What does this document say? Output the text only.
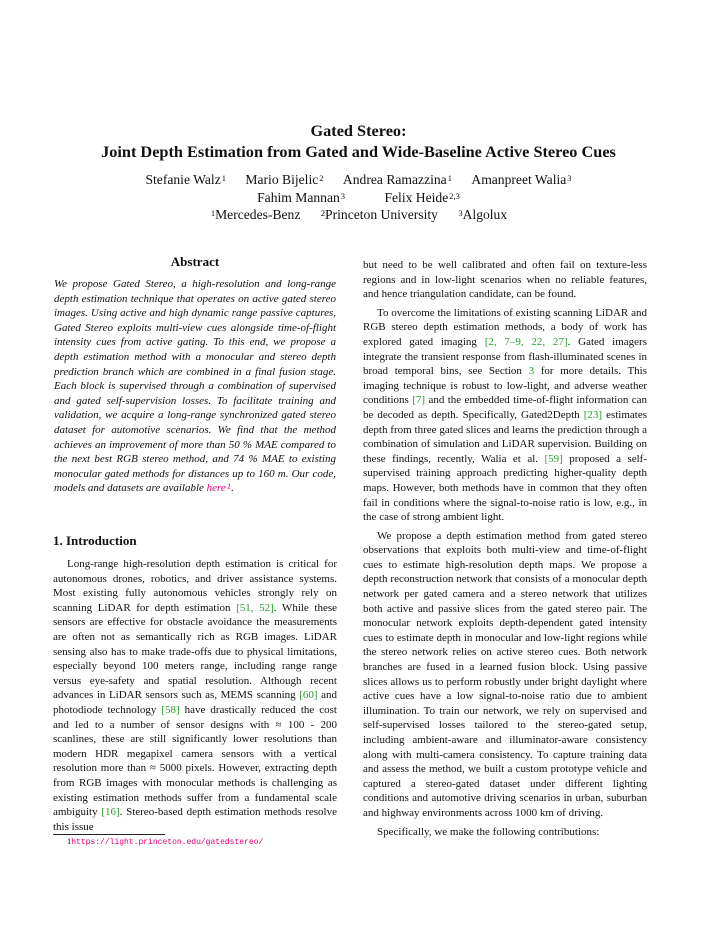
Gated Stereo:
Joint Depth Estimation from Gated and Wide-Baseline Active Stereo Cues
Stefanie Walz$^1$ Mario Bijelic$^2$ Andrea Ramazzina$^1$ Amanpreet Walia$^3$
Fahim Mannan$^3$	Felix Heide$^{2,3}$
$^1$Mercedes-Benz $^2$Princeton University $^3$Algolux
Abstract
We propose Gated Stereo, a high-resolution and long-range depth estimation technique that operates on active gated stereo images. Using active and high dynamic range passive captures, Gated Stereo exploits multi-view cues alongside time-of-flight intensity cues from active gating. To this end, we propose a depth estimation method with a monocular and stereo depth prediction branch which are combined in a final fusion stage. Each block is supervised through a combination of supervised and gated self-supervision losses. To facilitate training and validation, we acquire a long-range synchronized gated stereo dataset for automotive scenarios. We find that the method achieves an improvement of more than 50 % MAE compared to the next best RGB stereo method, and 74 % MAE to existing monocular gated methods for distances up to 160 m. Our code, models and datasets are available here$^1$.
1. Introduction

Long-range high-resolution depth estimation is critical for autonomous drones, robotics, and driver assistance systems. Most existing fully autonomous vehicles strongly rely on scanning LiDAR for depth estimation [51, 52]. While these sensors are effective for obstacle avoidance the measurements are often not as semantically rich as RGB images. LiDAR sensing also has to make trade-offs due to physical limitations, especially beyond 100 meters range, including range range versus eye-safety and spatial resolution. Although recent advances in LiDAR sensors such as, MEMS scanning [60] and photodiode technology [58] have drastically reduced the cost and led to a number of sensor designs with ≈ 100 - 200 scanlines, these are still significantly lower resolutions than modern HDR megapixel camera sensors with a vertical resolution more than ≈ 5000 pixels. However, extracting depth from RGB images with monocular methods is challenging as existing estimation methods suffer from a fundamental scale ambiguity [16]. Stereo-based depth estimation methods resolve this issue

but need to be well calibrated and often fail on texture-less regions and in low-light scenarios when no reliable features, and hence triangulation candidate, can be found.

To overcome the limitations of existing scanning LiDAR and RGB stereo depth estimation methods, a body of work has explored gated imaging [2, 7–9, 22, 27]. Gated imagers integrate the transient response from flash-illuminated scenes in broad temporal bins, see Section 3 for more details. This imaging technique is robust to low-light, and adverse weather conditions [7] and the embedded time-of-flight information can be decoded as depth. Specifically, Gated2Depth [23] estimates depth from three gated slices and learns the prediction through a combination of simulation and LiDAR supervision. Building on these findings, recently, Walia et al. [59] proposed a self-supervised training approach predicting higher-quality depth maps. However, both methods have in common that they often fail in conditions where the signal-to-noise ratio is low, e.g., in the case of strong ambient light.

We propose a depth estimation method from gated stereo observations that exploits both multi-view and time-of-flight cues to estimate high-resolution depth maps. We propose a depth reconstruction network that consists of a monocular depth network per gated camera and a stereo network that utilizes both active and passive slices from the gated stereo pair. The monocular network exploits depth-dependent gated intensity cues to estimate depth in monocular and low-light regions while the stereo network relies on active stereo cues. Both network branches are fused in a learned fusion block. Using passive slices allows us to perform robustly under bright daylight where active cues have a low signal-to-noise ratio due to ambient illumination. To train our network, we rely on supervised and self-supervised losses tailored to the stereo-gated setup, including ambient-aware and illuminator-aware consistency along with multi-camera consistency. To capture training data and assess the method, we built a custom prototype vehicle and captured a stereo-gated dataset under different lighting conditions and automotive driving scenarios in urban, suburban and highway environments across 1000 km of driving.

Specifically, we make the following contributions:

$^1$https://light.princeton.edu/gatedstereo/
